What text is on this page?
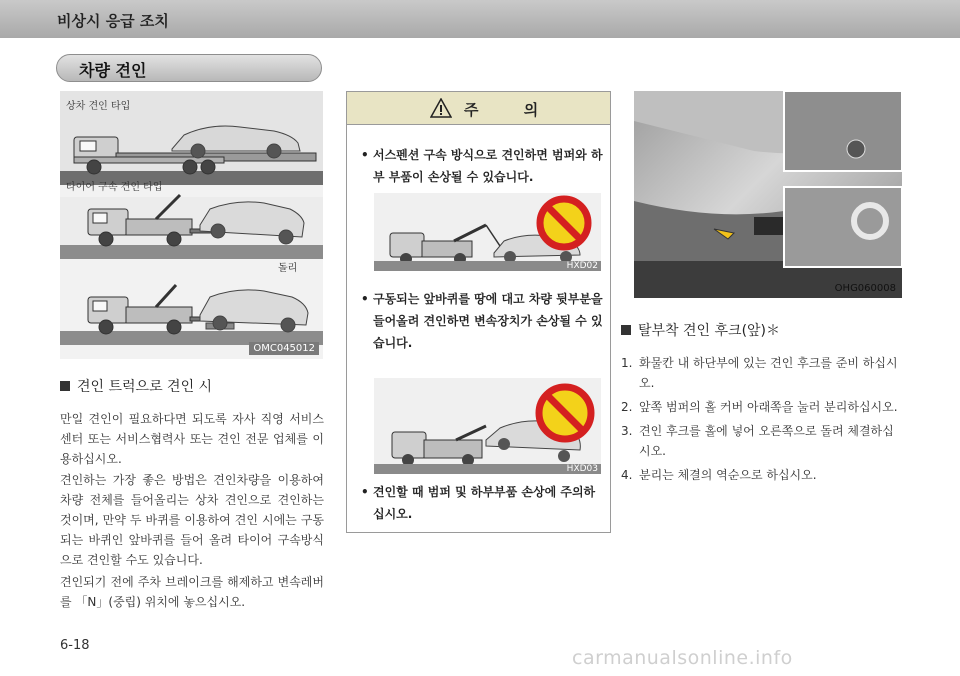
비상시 응급 조치
차량 견인
상차 견인 타입
타이어 구속 견인 타입
돌리
OMC045012
견인 트럭으로 견인 시
만일 견인이 필요하다면 되도록 자사 직영 서비스센터 또는 서비스협력사 또는 견인 전문 업체를 이용하십시오.
견인하는 가장 좋은 방법은 견인차량을 이용하여 차량 전체를 들어올리는 상차 견인으로 견인하는 것이며, 만약 두 바퀴를 이용하여 견인 시에는 구동되는 바퀴인 앞바퀴를 들어 올려 타이어 구속방식으로 견인할 수도 있습니다.
견인되기 전에 주차 브레이크를 해제하고 변속레버를 「N」(중립) 위치에 놓으십시오.
주 의
• 서스펜션 구속 방식으로 견인하면 범퍼와 하부 부품이 손상될 수 있습니다.
HXD02
• 구동되는 앞바퀴를 땅에 대고 차량 뒷부분을 들어올려 견인하면 변속장치가 손상될 수 있습니다.
HXD03
• 견인할 때 범퍼 및 하부부품 손상에 주의하십시오.
OHG060008
탈부착 견인 후크(앞)＊
1. 화물칸 내 하단부에 있는 견인 후크를 준비 하십시오.
2. 앞쪽 범퍼의 홀 커버 아래쪽을 눌러 분리하십시오.
3. 견인 후크를 홀에 넣어 오른쪽으로 돌려 체결하십시오.
4. 분리는 체결의 역순으로 하십시오.
6-18
carmanualsonline.info
